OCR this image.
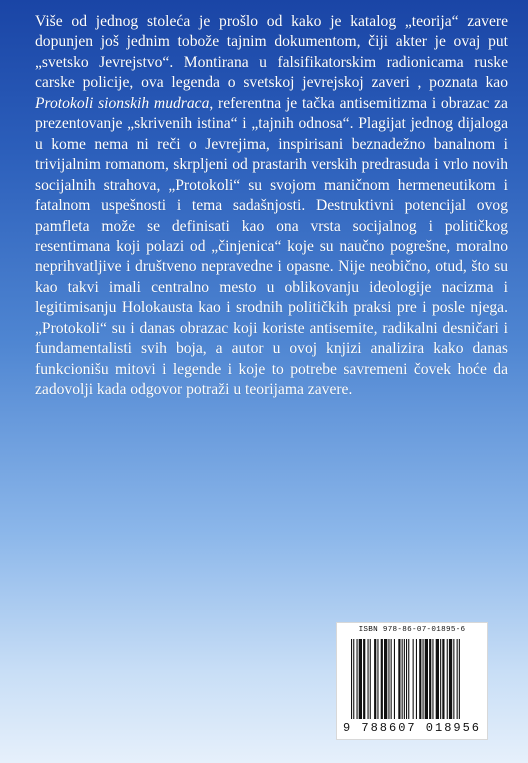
Više od jednog stoleća je prošlo od kako je katalog „teorija“ zavere dopunjen još jednim tobože tajnim dokumentom, čiji akter je ovaj put „svetsko Jevrejstvo“. Montirana u falsifikatorskim radionicama ruske carske policije, ova legenda o svetskoj jevrejskoj zaveri , poznata kao Protokoli sionskih mudraca, referentna je tačka antisemitizma i obrazac za prezentovanje „skrivenih istina“ i „tajnih odnosa“. Plagijat jednog dijaloga u kome nema ni reči o Jevrejima, inspirisani beznadežno banalnom i trivijalnim romanom, skrpljeni od prastarih verskih predrasuda i vrlo novih socijalnih strahova, „Protokoli“ su svojom maničnom hermeneutikom i fatalnom uspešnosti i tema sadašnjosti. Destruktivni potencijal ovog pamfleta može se definisati kao ona vrsta socijalnog i političkog resentimana koji polazi od „činjenica“ koje su naučno pogrešne, moralno neprihvatljive i društveno nepravedne i opasne. Nije neobično, otud, što su kao takvi imali centralno mesto u oblikovanju ideologije nacizma i legitimisanju Holokausta kao i srodnih političkih praksi pre i posle njega. „Protokoli“ su i danas obrazac koji koriste antisemite, radikalni desničari i fundamentalisti svih boja, a autor u ovoj knjizi analizira kako danas funkcionišu mitovi i legende i koje to potrebe savremeni čovek hoće da zadovolji kada odgovor potraži u teorijama zavere.
ISBN 978-86-07-01895-6
9 788607 018956
